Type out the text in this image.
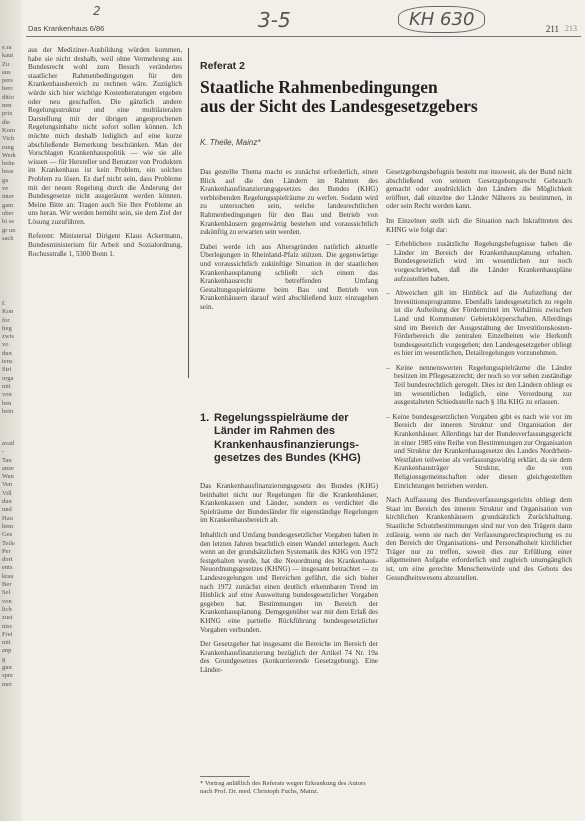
e.ra
kaut
Zu
aus
pers
berc
ditio
nen
prix
die
Kom
Vich
rung
Werk
beite
bese
ga
ve
inter
gam
uber
bi se
gr un
sach
f.
Kon
for
tieg
zwis
vo
dun
tens
Stri
orga
mit
von
ben
bein
avail
-
Tau
anze
Wan
Ven
Vill
dun
und
Hau
hem
Ges
Teile
Per
dort
ents
krau
Ber
Sel
von
lich
zust
nisc
Frei
mit
anp
g
gun
spre
mer
Das Krankenhaus 6/86
2	3-5	KH 630	211 213

aus der Mediziner-Ausbildung würden kommen, habe sie nicht deshalb, weil ohne Vermehrung aus Bundesrecht wohl zum Besuch verändertes staatlicher Rahmenbedingungen für den Krankenhausbereich zu rechnen wäre. Zuzüglich würde sich hier wichtige Kostenberatungen ergeben oder neu geschaffen. Die gänzlich andere Regelungsstruktur und eine multilateralen Darstellung mit der übrigen angesprochenen Regelungsinhalte nicht sofort sollen können. Ich möchte mich deshalb lediglich auf eine kurze abschließende Bemerkung beschränken. Man der Vorschlagen Krankenhauspolitik — wie sie alle wissen — für Hersteller und Benutzer von Produkten im Krankenhaus ist kein Problem, ein solches Problem zu lösen. Es darf nicht sein, dass Probleme mit der neuen Regelung durch die Änderung der Bundesgesetze nicht ausgeräumt werden können. Meine Bitte an: Tragen auch Sie Ihre Probleme an uns heran. Wir werden bemüht sein, sie dem Ziel der Lösung zuzuführen.

Referent: Ministerial Dirigent Klaus Ackermann, Bundesministerium für Arbeit und Sozialordnung, Rochusstraße 1, 5300 Bonn 1.

Referat 2
Staatliche Rahmenbedingungen
aus der Sicht des Landesgesetzgebers
K. Theile, Mainz*

Das gestellte Thema macht es zunächst erforderlich, einen Blick auf die den Ländern im Rahmen des Krankenhausfinanzierungsgesetzes des Bundes (KHG) verbleibenden Regelungsspielräume zu werfen. Sodann wird zu untersuchen sein, welche landesrechtlichen Rahmenbedingungen für den Bau und Betrieb von Krankenhäusern gegenwärtig bestehen und voraussichtlich zukünftig zu erwarten sein werden.

Dabei werde ich aus Altersgründen natürlich aktuelle Überlegungen in Rheinland-Pfalz stützen. Die gegenwärtige und voraussichtlich zukünftige Situation in der staatlichen Krankenhausplanung schließt sich einem das Krankenhausrecht betreffenden Umfang Gestaltungsspielräume beim Bau und Betrieb von Krankenhäusern darauf wird abschließend kurz einzugehen sein.

1. Regelungsspielräume der
Länder im Rahmen des
Krankenhausfinanzierungs-
gesetzes des Bundes (KHG)

Das Krankenhausfinanzierungsgesetz des Bundes (KHG) beinhaltet nicht nur Regelungen für die Krankenhäuser, Krankenkassen und Länder, sondern es verdichtet die Spielräume der Bundesländer für eigenständige Regelungen im Krankenhausbereich ab.

Inhaltlich und Umfang bundesgesetzlicher Vorgaben haben in den letzten Jahren beachtlich einen Wandel unterlegen. Auch wenn an der grundsätzlichen Systematik des KHG von 1972 festgehalten wurde, hat die Neuordnung des Krankenhaus-Neuordnungsgesetzes (KHNG) — insgesamt betrachtet — zu Landesregelungen und Bereichen geführt, die sich bisher nach 1972 zunächst einen deutlich erkennbaren Trend im Hinblick auf eine Ausweitung bundesgesetzlicher Vorgaben gegeben hat. Bestimmungen im Bereich der Krankenhausplanung. Demgegenüber war mit dem Erlaß des KHNG eine partielle Rückführung bundesgesetzlicher Vorgaben verbunden.

Der Gesetzgeber hat insgesamt die Bereiche im Bereich der Krankenhausfinanzierung bezüglich der Artikel 74 Nr. 19a des Grundgesetzes (konkurrierende Gesetzgebung). Eine Länder-

* Vortrag anläßlich des Referats wegen Erkrankung des Autors nach Prof. Dr. med. Christoph Fuchs, Mainz.

Gesetzgebungsbefugnis besteht nur insoweit, als der Bund nicht abschließend von seinem Gesetzgebungsrecht Gebrauch gemacht oder ausdrücklich den Ländern die Möglichkeit eröffnet, daß einzelne der Länder Näheres zu bestimmen, in oder sein Recht werden kann.

Im Einzelnen stellt sich die Situation nach Inkrafttreten des KHNG wie folgt dar:

– Erheblichere zusätzliche Regelungsbefugnisse haben die Länder im Bereich der Krankenhausplanung erhalten. Bundesgesetzlich wird im wesentlichen nur noch vorgeschrieben, daß die Länder Krankenhauspläne aufzustellen haben.

– Abweichen gilt im Hinblick auf die Aufstellung der Investitionsprogramme. Ebenfalls landesgesetzlich zu regeln ist die Aufteilung der Fördermittel im Verhältnis zwischen Land und Kommunen/ Gebietskörperschaften. Allerdings sind im Bereich der Ausgestaltung der Investitionskosten-Förderbereich die zentralen Einzelheiten wie Herkunft bundesgesetzlich vorgegeben; den Landesgesetzgeber obliegt es hier im wesentlichen, Detailregelungen vorzunehmen.

– Keine nennenswerten Regelungsspielräume die Länder besitzen im Pflegesatzrecht; der noch so vor sehen zuständige Teil bundesrechtlich geregelt. Dies ist den Ländern obliegt es im wesentlichen lediglich, eine Verordnung zur ausgestalteten Schiedsstelle nach § 18a KHG zu erlassen.

– Keine bundesgesetzlichen Vorgaben gibt es nach wie vor im Bereich der inneren Struktur und Organisation der Krankenhäuser. Allerdings hat der Bundesverfassungsgericht in einer 1985 eine Reihe von Bestimmungen zur Organisation und Struktur der Krankenhausgesetze des Landes Nordrhein-Westfalen teilweise als verfassungswidrig erklärt, da sie dem Krankenhausträger Struktur, die von Religionsgemeinschaften oder diesen gleichgestellten Einrichtungen betrieben werden.

Nach Auffassung des Bundesverfassungsgerichts obliegt dem Staat im Bereich des inneren Struktur und Organisation von kirchlichen Krankenhäusern grundsätzlich Zurückhaltung. Staatliche Schutzbestimmungen sind nur von den Trägern dann zulässig, wenn sie nach der Verfassungsrechtsprechung es zu den Bereich der Organisations- und Personalhoheit kirchlicher Träger nur zu treffen, soweit dies zur Erfüllung einer allgemeinen Aufgabe erforderlich und zugleich unumgänglich ist, um eine gerechte Menschenwürde und des Gebots des Gesundheitswesens abzustellen.
